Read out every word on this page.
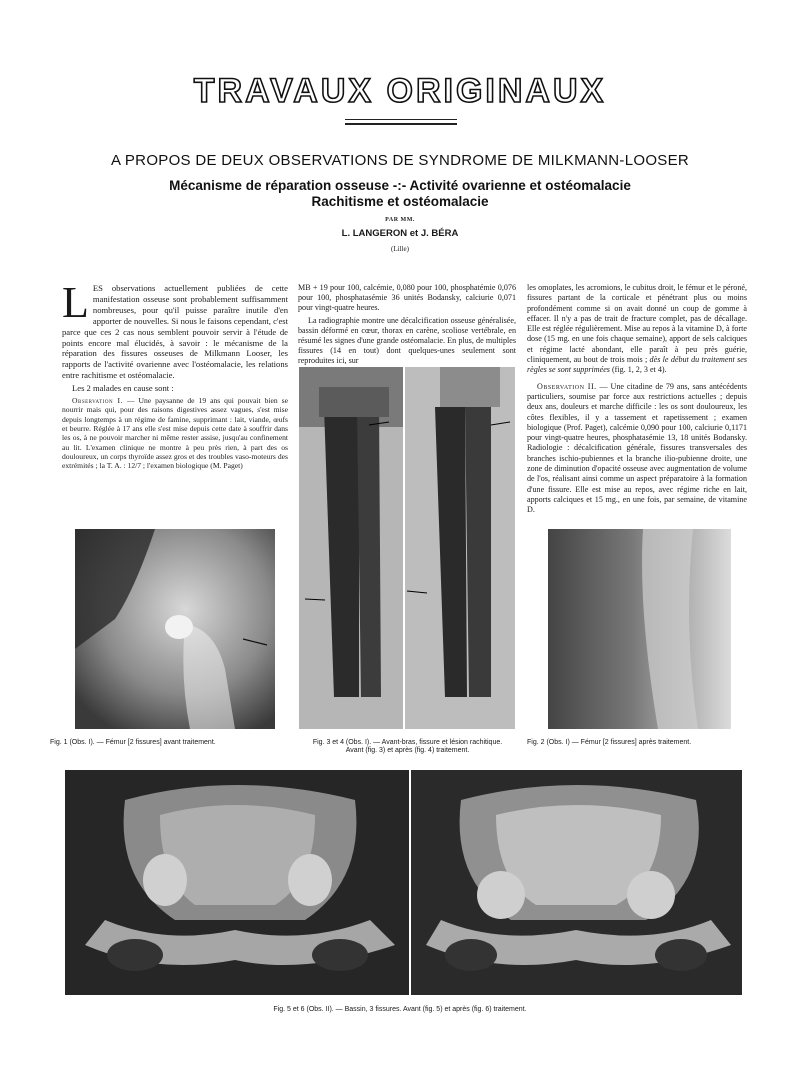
TRAVAUX ORIGINAUX
A PROPOS DE DEUX OBSERVATIONS DE SYNDROME DE MILKMANN-LOOSER
Mécanisme de réparation osseuse -:- Activité ovarienne et ostéomalacie
Rachitisme et ostéomalacie
PAR MM.
L. LANGERON et J. BÉRA
(Lille)

LES observations actuellement publiées de cette manifestation osseuse sont probablement suffisamment nombreuses, pour qu'il puisse paraître inutile d'en apporter de nouvelles. Si nous le faisons cependant, c'est parce que ces 2 cas nous semblent pouvoir servir à l'étude de points encore mal élucidés, à savoir : le mécanisme de la réparation des fissures osseuses de Milkmann Looser, les rapports de l'activité ovarienne avec l'ostéomalacie, les relations entre rachitisme et ostéomalacie.

Les 2 malades en cause sont :

Observation I. — Une paysanne de 19 ans qui pouvait bien se nourrir mais qui, pour des raisons digestives assez vagues, s'est mise depuis longtemps à un régime de famine, supprimant : lait, viande, œufs et beurre. Réglée à 17 ans elle s'est mise depuis cette date à souffrir dans les os, à ne pouvoir marcher ni même rester assise, jusqu'au confinement au lit. L'examen clinique ne montre à peu près rien, à part des os douloureux, un corps thyroïde assez gros et des troubles vaso-moteurs des extrémités ; la T. A. : 12/7 ; l'examen biologique (M. Paget)

MB + 19 pour 100, calcémie, 0,080 pour 100, phosphatémie 0,076 pour 100, phosphatasémie 36 unités Bodansky, calciurie 0,071 pour vingt-quatre heures.

La radiographie montre une décalcification osseuse généralisée, bassin déformé en cœur, thorax en carène, scoliose vertébrale, en résumé les signes d'une grande ostéomalacie. En plus, de multiples fissures (14 en tout) dont quelques-unes seulement sont reproduites ici, sur

les omoplates, les acromions, le cubitus droit, le fémur et le péroné, fissures partant de la corticale et pénétrant plus ou moins profondément comme si on avait donné un coup de gomme à effacer. Il n'y a pas de trait de fracture complet, pas de décallage. Elle est réglée régulièrement. Mise au repos à la vitamine D, à forte dose (15 mg. en une fois chaque semaine), apport de sels calciques et régime lacté abondant, elle paraît à peu près guérie, cliniquement, au bout de trois mois ; dès le début du traitement ses règles se sont supprimées (fig. 1, 2, 3 et 4).

Observation II. — Une citadine de 79 ans, sans antécédents particuliers, soumise par force aux restrictions actuelles ; depuis deux ans, douleurs et marche difficile : les os sont douloureux, les côtes flexibles, il y a tassement et rapetissement ; examen biologique (Prof. Paget), calcémie 0,090 pour 100, calciurie 0,1171 pour vingt-quatre heures, phosphatasémie 13, 18 unités Bodansky. Radiologie : décalcification générale, fissures transversales des branches ischio-pubiennes et la branche ilio-pubienne droite, une zone de diminution d'opacité osseuse avec augmentation de volume de l'os, réalisant ainsi comme un aspect préparatoire à la formation d'une fissure. Elle est mise au repos, avec régime riche en lait, apports calciques et 15 mg., en une fois, par semaine, de vitamine D.

Fig. 1 (Obs. I). — Fémur [2 fissures] avant traitement.	Fig. 3 et 4 (Obs. I). — Avant-bras, fissure et lésion rachitique.
Avant (fig. 3) et après (fig. 4) traitement.
Fig. 2 (Obs. I) — Fémur [2 fissures] après traitement.
Fig. 5 et 6 (Obs. II). — Bassin, 3 fissures. Avant (fig. 5) et après (fig. 6) traitement.
